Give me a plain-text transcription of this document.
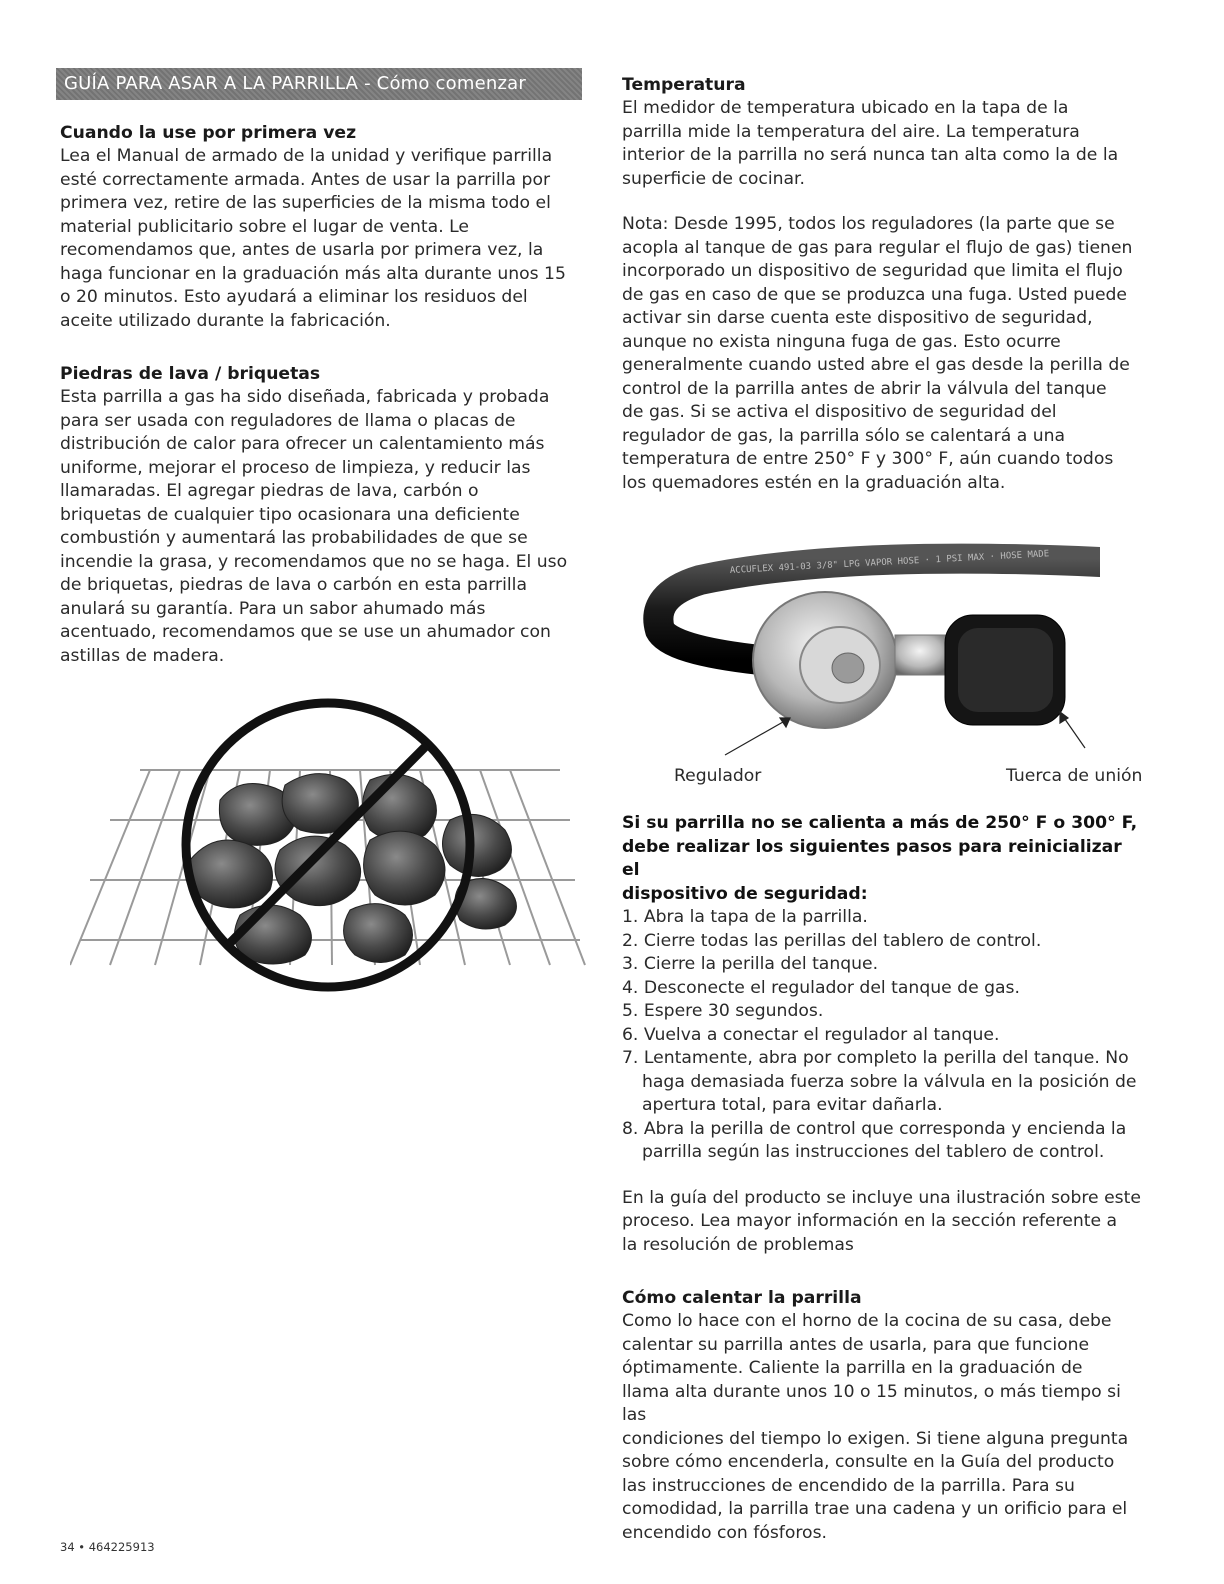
GUÍA PARA ASAR A LA PARRILLA - Cómo comenzar
Cuando la use por primera vez

Lea el Manual de armado de la unidad y verifique parrilla

esté correctamente armada. Antes de usar la parrilla por

primera vez, retire de las superficies de la misma todo el

material publicitario sobre el lugar de venta. Le

recomendamos que, antes de usarla por primera vez, la

haga funcionar en la graduación más alta durante unos 15

o 20 minutos. Esto ayudará a eliminar los residuos del

aceite utilizado durante la fabricación.

Piedras de lava / briquetas

Esta parrilla a gas ha sido diseñada, fabricada y probada

para ser usada con reguladores de llama o placas de

distribución de calor para ofrecer un calentamiento más

uniforme, mejorar el proceso de limpieza, y reducir las

llamaradas. El agregar piedras de lava, carbón o

briquetas de cualquier tipo ocasionara una deficiente

combustión y aumentará las probabilidades de que se

incendie la grasa, y recomendamos que no se haga. El uso

de briquetas, piedras de lava o carbón en esta parrilla

anulará su garantía. Para un sabor ahumado más

acentuado, recomendamos que se use un ahumador con

astillas de madera.

Temperatura

El medidor de temperatura ubicado en la tapa de la

parrilla mide la temperatura del aire. La temperatura

interior de la parrilla no será nunca tan alta como la de la

superficie de cocinar.

Nota: Desde 1995, todos los reguladores (la parte que se

acopla al tanque de gas para regular el flujo de gas) tienen

incorporado un dispositivo de seguridad que limita el flujo

de gas en caso de que se produzca una fuga. Usted puede

activar sin darse cuenta este dispositivo de seguridad,

aunque no exista ninguna fuga de gas. Esto ocurre

generalmente cuando usted abre el gas desde la perilla de

control de la parrilla antes de abrir la válvula del tanque

de gas. Si se activa el dispositivo de seguridad del

regulador de gas, la parrilla sólo se calentará a una

temperatura de entre 250° F y 300° F, aún cuando todos

los quemadores estén en la graduación alta.

ACCUFLEX 491-03 3/8" LPG VAPOR HOSE · 1 PSI MAX · HOSE MADE
Regulador	Tuerca de unión

Si su parrilla no se calienta a más de 250° F o 300° F,

debe realizar los siguientes pasos para reinicializar el

dispositivo de seguridad:

1. Abra la tapa de la parrilla.
2. Cierre todas las perillas del tablero de control.
3. Cierre la perilla del tanque.
4. Desconecte el regulador del tanque de gas.
5. Espere 30 segundos.
6. Vuelva a conectar el regulador al tanque.
7. Lentamente, abra por completo la perilla del tanque. No haga demasiada fuerza sobre la válvula en la posición de apertura total, para evitar dañarla.
8. Abra la perilla de control que corresponda y encienda la parrilla según las instrucciones del tablero de control.

En la guía del producto se incluye una ilustración sobre este

proceso. Lea mayor información en la sección referente a

la resolución de problemas

Cómo calentar la parrilla

Como lo hace con el horno de la cocina de su casa, debe

calentar su parrilla antes de usarla, para que funcione

óptimamente. Caliente la parrilla en la graduación de

llama alta durante unos 10 o 15 minutos, o más tiempo si las

condiciones del tiempo lo exigen. Si tiene alguna pregunta

sobre cómo encenderla, consulte en la Guía del producto

las instrucciones de encendido de la parrilla. Para su

comodidad, la parrilla trae una cadena y un orificio para el

encendido con fósforos.

34 • 464225913
